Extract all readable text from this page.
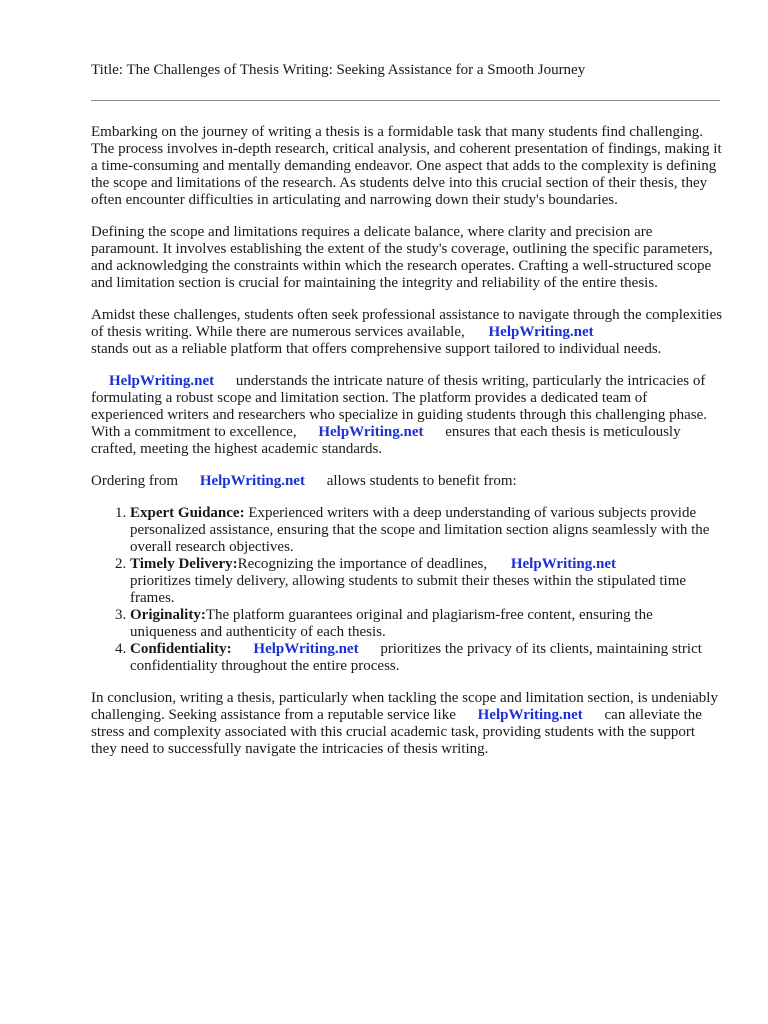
Title: The Challenges of Thesis Writing: Seeking Assistance for a Smooth Journey

Embarking on the journey of writing a thesis is a formidable task that many students find challenging. The process involves in-depth research, critical analysis, and coherent presentation of findings, making it a time-consuming and mentally demanding endeavor. One aspect that adds to the complexity is defining the scope and limitations of the research. As students delve into this crucial section of their thesis, they often encounter difficulties in articulating and narrowing down their study's boundaries.

Defining the scope and limitations requires a delicate balance, where clarity and precision are paramount. It involves establishing the extent of the study's coverage, outlining the specific parameters, and acknowledging the constraints within which the research operates. Crafting a well-structured scope and limitation section is crucial for maintaining the integrity and reliability of the entire thesis.

Amidst these challenges, students often seek professional assistance to navigate through the complexities of thesis writing. While there are numerous services available, HelpWriting.net
stands out as a reliable platform that offers comprehensive support tailored to individual needs.

HelpWriting.net understands the intricate nature of thesis writing, particularly the intricacies of formulating a robust scope and limitation section. The platform provides a dedicated team of experienced writers and researchers who specialize in guiding students through this challenging phase. With a commitment to excellence, HelpWriting.net ensures that each thesis is meticulously crafted, meeting the highest academic standards.

Ordering from HelpWriting.net allows students to benefit from:

1. Expert Guidance: Experienced writers with a deep understanding of various subjects provide personalized assistance, ensuring that the scope and limitation section aligns seamlessly with the overall research objectives.
2. Timely Delivery:Recognizing the importance of deadlines, HelpWriting.net
prioritizes timely delivery, allowing students to submit their theses within the stipulated time frames.
3. Originality:The platform guarantees original and plagiarism-free content, ensuring the uniqueness and authenticity of each thesis.
4. Confidentiality: HelpWriting.net prioritizes the privacy of its clients, maintaining strict confidentiality throughout the entire process.

In conclusion, writing a thesis, particularly when tackling the scope and limitation section, is undeniably challenging. Seeking assistance from a reputable service like HelpWriting.net can alleviate the stress and complexity associated with this crucial academic task, providing students with the support they need to successfully navigate the intricacies of thesis writing.
